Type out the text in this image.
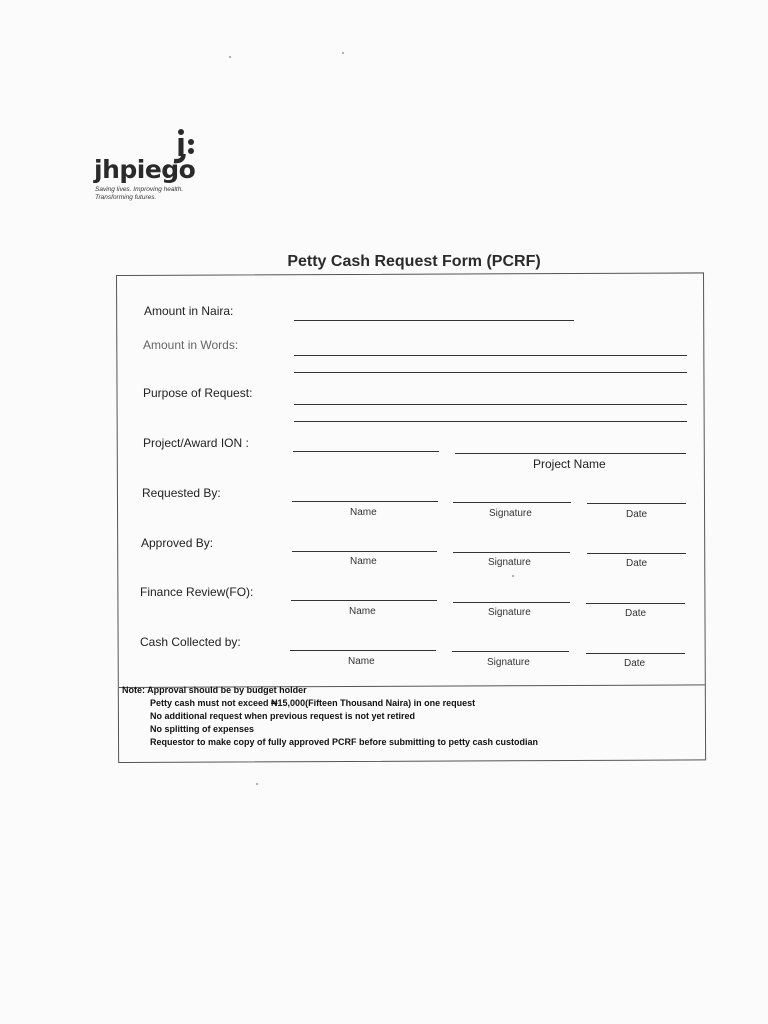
jhpiego
Saving lives. Improving health.
Transforming futures.
Petty Cash Request Form (PCRF)
Amount in Naira:
Amount in Words:
Purpose of Request:
Project/Award ION :
Project Name
Requested By:
Name	Signature	Date
Approved By:
Name	Signature	Date
Finance Review(FO):
Name	Signature	Date
Cash Collected by:
Name	Signature	Date
Note: Approval should be by budget holder
Petty cash must not exceed ₦15,000(Fifteen Thousand Naira) in one request
No additional request when previous request is not yet retired
No splitting of expenses
Requestor to make copy of fully approved PCRF before submitting to petty cash custodian
